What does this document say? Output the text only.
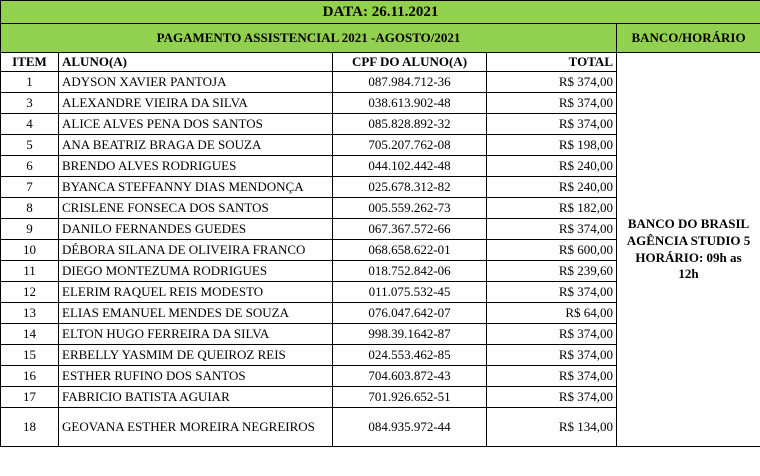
DATA: 26.11.2021				
PAGAMENTO ASSISTENCIAL 2021 -AGOSTO/2021				BANCO/HORÁRIO
ITEM	ALUNO(A)	CPF DO ALUNO(A)	TOTAL	BANCO DO BRASIL
AGÊNCIA STUDIO 5
HORÁRIO: 09h as
12h

1	ADYSON XAVIER PANTOJA	087.984.712-36	R$ 374,00	
3	ALEXANDRE VIEIRA DA SILVA	038.613.902-48	R$ 374,00	
4	ALICE ALVES PENA DOS SANTOS	085.828.892-32	R$ 374,00	
5	ANA BEATRIZ BRAGA DE SOUZA	705.207.762-08	R$ 198,00	
6	BRENDO ALVES RODRIGUES	044.102.442-48	R$ 240,00	
7	BYANCA STEFFANNY DIAS MENDONÇA	025.678.312-82	R$ 240,00	
8	CRISLENE FONSECA DOS SANTOS	005.559.262-73	R$ 182,00	
9	DANILO FERNANDES GUEDES	067.367.572-66	R$ 374,00	
10	DÉBORA SILANA DE OLIVEIRA FRANCO	068.658.622-01	R$ 600,00	
11	DIEGO MONTEZUMA RODRIGUES	018.752.842-06	R$ 239,60	
12	ELERIM RAQUEL REIS MODESTO	011.075.532-45	R$ 374,00	
13	ELIAS EMANUEL MENDES DE SOUZA	076.047.642-07	R$ 64,00	
14	ELTON HUGO FERREIRA DA SILVA	998.39.1642-87	R$ 374,00	
15	ERBELLY YASMIM DE QUEIROZ REIS	024.553.462-85	R$ 374,00	
16	ESTHER RUFINO DOS SANTOS	704.603.872-43	R$ 374,00	
17	FABRICIO BATISTA AGUIAR	701.926.652-51	R$ 374,00	
18	GEOVANA ESTHER MOREIRA NEGREIROS	084.935.972-44	R$ 134,00	
